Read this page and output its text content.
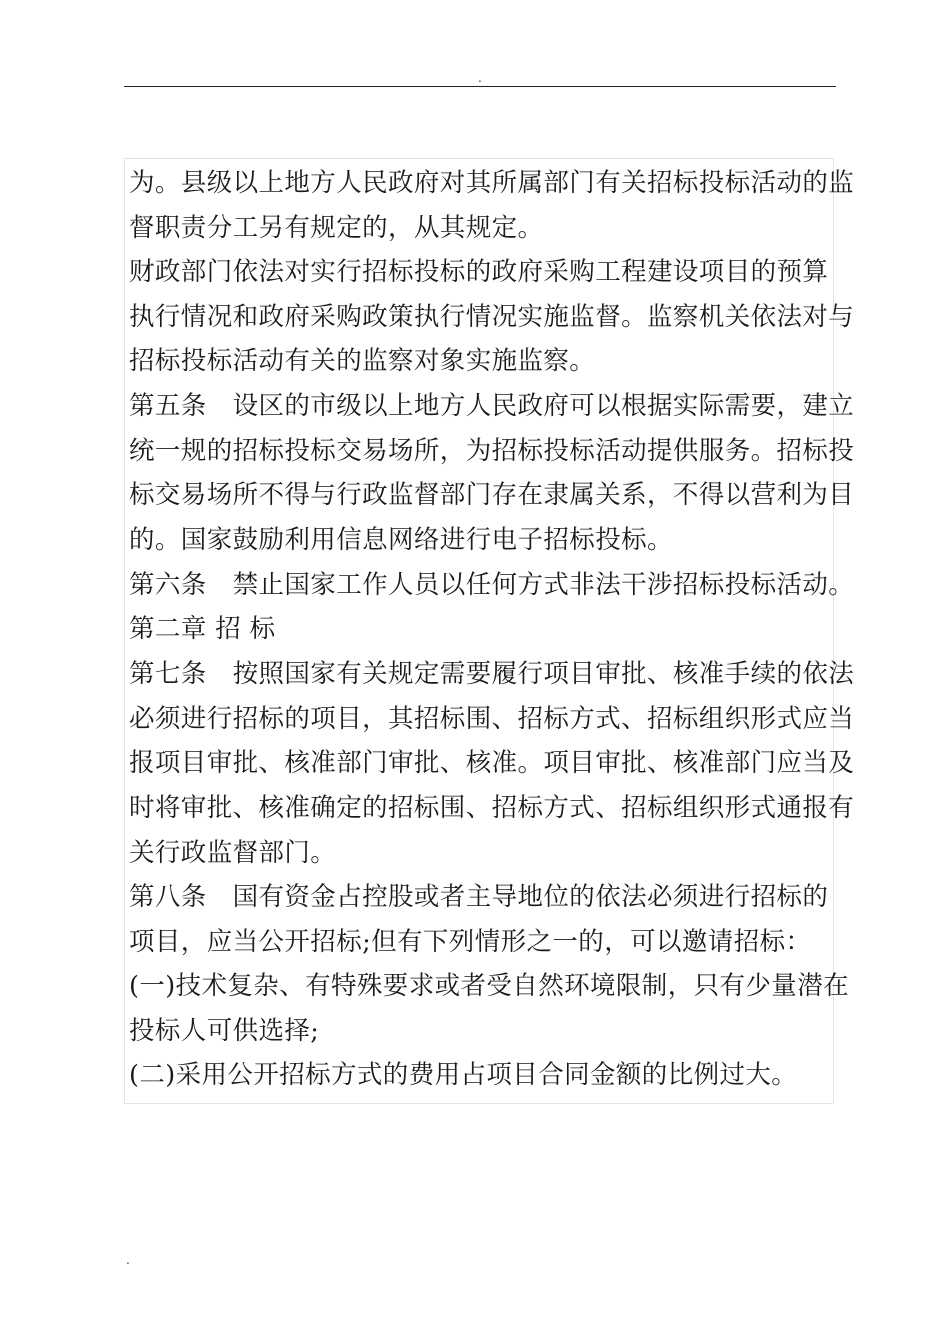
.

为。县级以上地方人民政府对其所属部门有关招标投标活动的监
督职责分工另有规定的，从其规定。

财政部门依法对实行招标投标的政府采购工程建设项目的预算
执行情况和政府采购政策执行情况实施监督。监察机关依法对与
招标投标活动有关的监察对象实施监察。

第五条　设区的市级以上地方人民政府可以根据实际需要，建立
统一规的招标投标交易场所，为招标投标活动提供服务。招标投
标交易场所不得与行政监督部门存在隶属关系，不得以营利为目
的。国家鼓励利用信息网络进行电子招标投标。

第六条　禁止国家工作人员以任何方式非法干涉招标投标活动。

第二章 招 标

第七条　按照国家有关规定需要履行项目审批、核准手续的依法
必须进行招标的项目，其招标围、招标方式、招标组织形式应当
报项目审批、核准部门审批、核准。项目审批、核准部门应当及
时将审批、核准确定的招标围、招标方式、招标组织形式通报有
关行政监督部门。

第八条　国有资金占控股或者主导地位的依法必须进行招标的
项目，应当公开招标;但有下列情形之一的，可以邀请招标：

(一)技术复杂、有特殊要求或者受自然环境限制，只有少量潜在
投标人可供选择;

(二)采用公开招标方式的费用占项目合同金额的比例过大。

.
